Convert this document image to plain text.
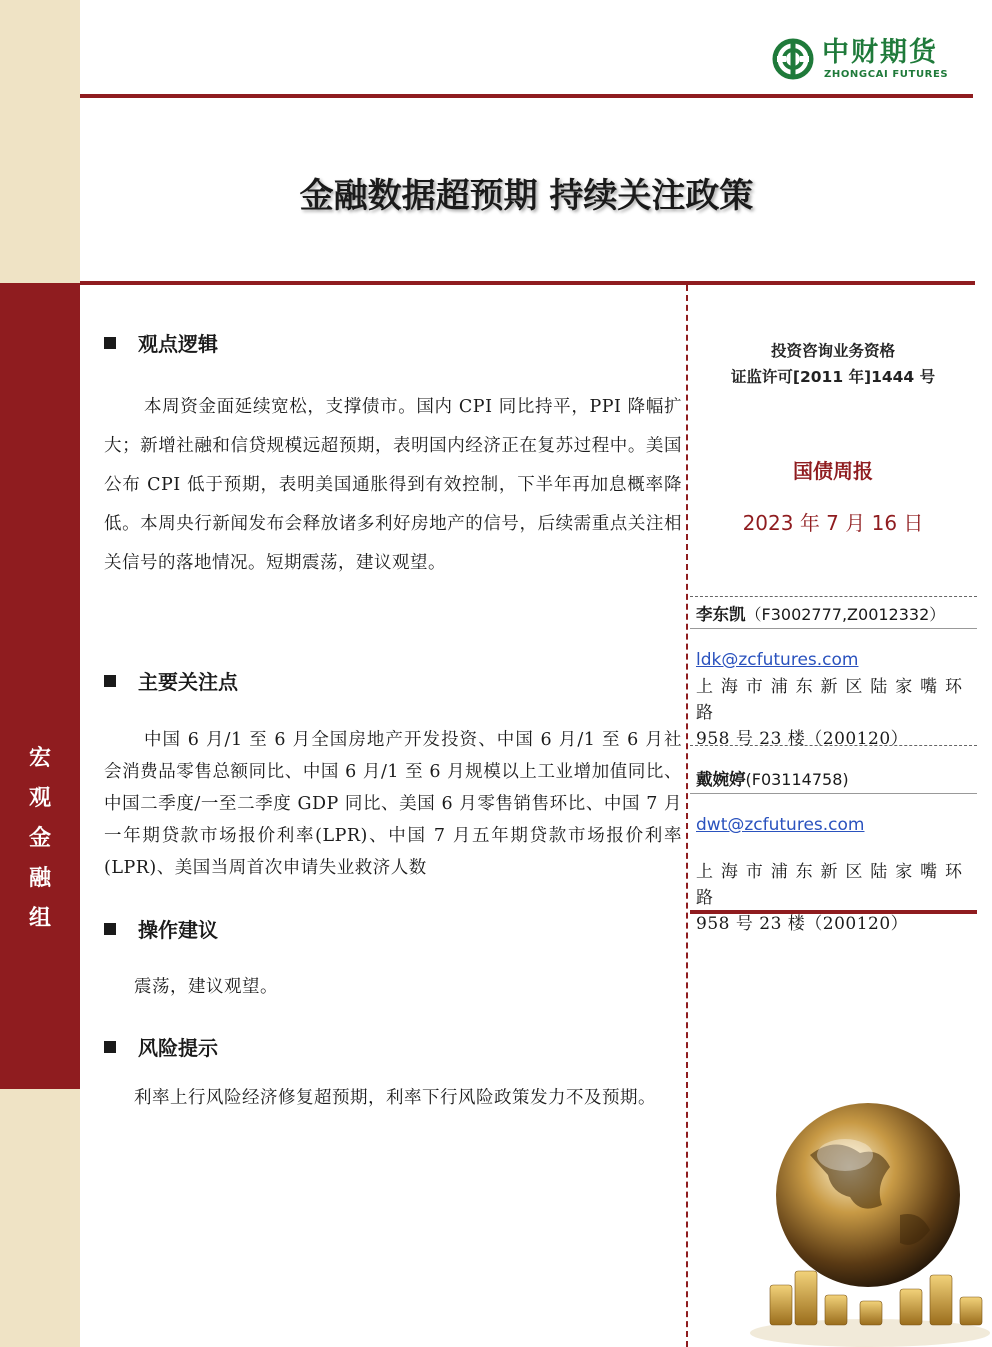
宏
观
金
融
组
中财期货
ZHONGCAI FUTURES
金融数据超预期 持续关注政策
观点逻辑
本周资金面延续宽松，支撑债市。国内 CPI 同比持平，PPI 降幅扩大；新增社融和信贷规模远超预期，表明国内经济正在复苏过程中。美国公布 CPI 低于预期，表明美国通胀得到有效控制，下半年再加息概率降低。本周央行新闻发布会释放诸多利好房地产的信号，后续需重点关注相关信号的落地情况。短期震荡，建议观望。
主要关注点
中国 6 月/1 至 6 月全国房地产开发投资、中国 6 月/1 至 6 月社会消费品零售总额同比、中国 6 月/1 至 6 月规模以上工业增加值同比、中国二季度/一至二季度 GDP 同比、美国 6 月零售销售环比、中国 7 月一年期贷款市场报价利率(LPR)、中国 7 月五年期贷款市场报价利率(LPR)、美国当周首次申请失业救济人数
操作建议
震荡，建议观望。
风险提示
利率上行风险经济修复超预期，利率下行风险政策发力不及预期。
投资咨询业务资格
证监许可[2011 年]1444 号
国债周报
2023 年 7 月 16 日
李东凯（F3002777,Z0012332）
ldk@zcfutures.com
上海市浦东新区陆家嘴环路
958 号 23 楼（200120）
戴婉婷(F03114758)
dwt@zcfutures.com
上海市浦东新区陆家嘴环路
958 号 23 楼（200120）
